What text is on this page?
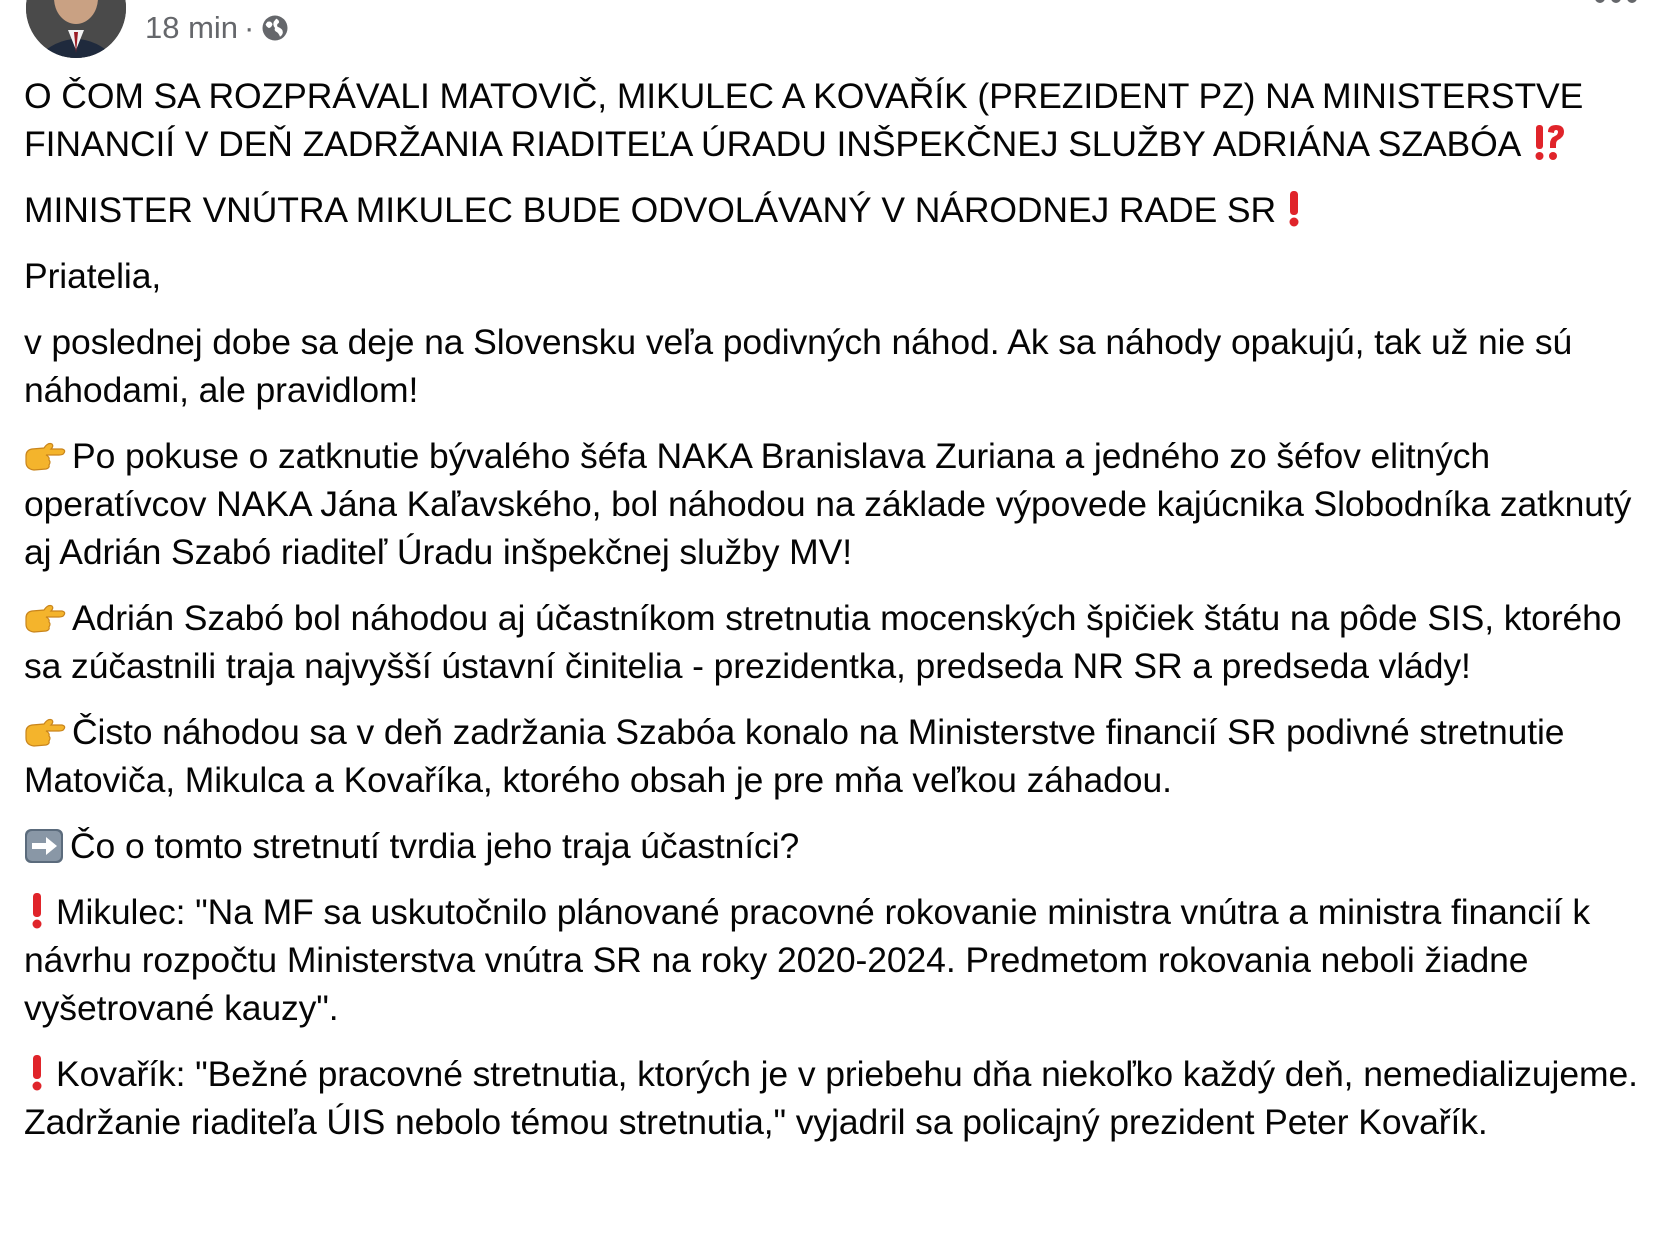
18 min ·

O ČOM SA ROZPRÁVALI MATOVIČ, MIKULEC A KOVAŘÍK (PREZIDENT PZ) NA MINISTERSTVE FINANCIÍ V DEŇ ZADRŽANIA RIADITEĽA ÚRADU INŠPEKČNEJ SLUŽBY ADRIÁNA SZABÓA

MINISTER VNÚTRA MIKULEC BUDE ODVOLÁVANÝ V NÁRODNEJ RADE SR

Priatelia,

v poslednej dobe sa deje na Slovensku veľa podivných náhod. Ak sa náhody opakujú, tak už nie sú náhodami, ale pravidlom!

Po pokuse o zatknutie bývalého šéfa NAKA Branislava Zuriana a jedného zo šéfov elitných operatívcov NAKA Jána Kaľavského, bol náhodou na základe výpovede kajúcnika Slobodníka zatknutý aj Adrián Szabó riaditeľ Úradu inšpekčnej služby MV!

Adrián Szabó bol náhodou aj účastníkom stretnutia mocenských špičiek štátu na pôde SIS, ktorého sa zúčastnili traja najvyšší ústavní činitelia - prezidentka, predseda NR SR a predseda vlády!

Čisto náhodou sa v deň zadržania Szabóa konalo na Ministerstve financií SR podivné stretnutie Matoviča, Mikulca a Kovaříka, ktorého obsah je pre mňa veľkou záhadou.

Čo o tomto stretnutí tvrdia jeho traja účastníci?

Mikulec: "Na MF sa uskutočnilo plánované pracovné rokovanie ministra vnútra a ministra financií k návrhu rozpočtu Ministerstva vnútra SR na roky 2020-2024. Predmetom rokovania neboli žiadne vyšetrované kauzy".

Kovařík: "Bežné pracovné stretnutia, ktorých je v priebehu dňa niekoľko každý deň, nemedializujeme. Zadržanie riaditeľa ÚIS nebolo témou stretnutia," vyjadril sa policajný prezident Peter Kovařík.
